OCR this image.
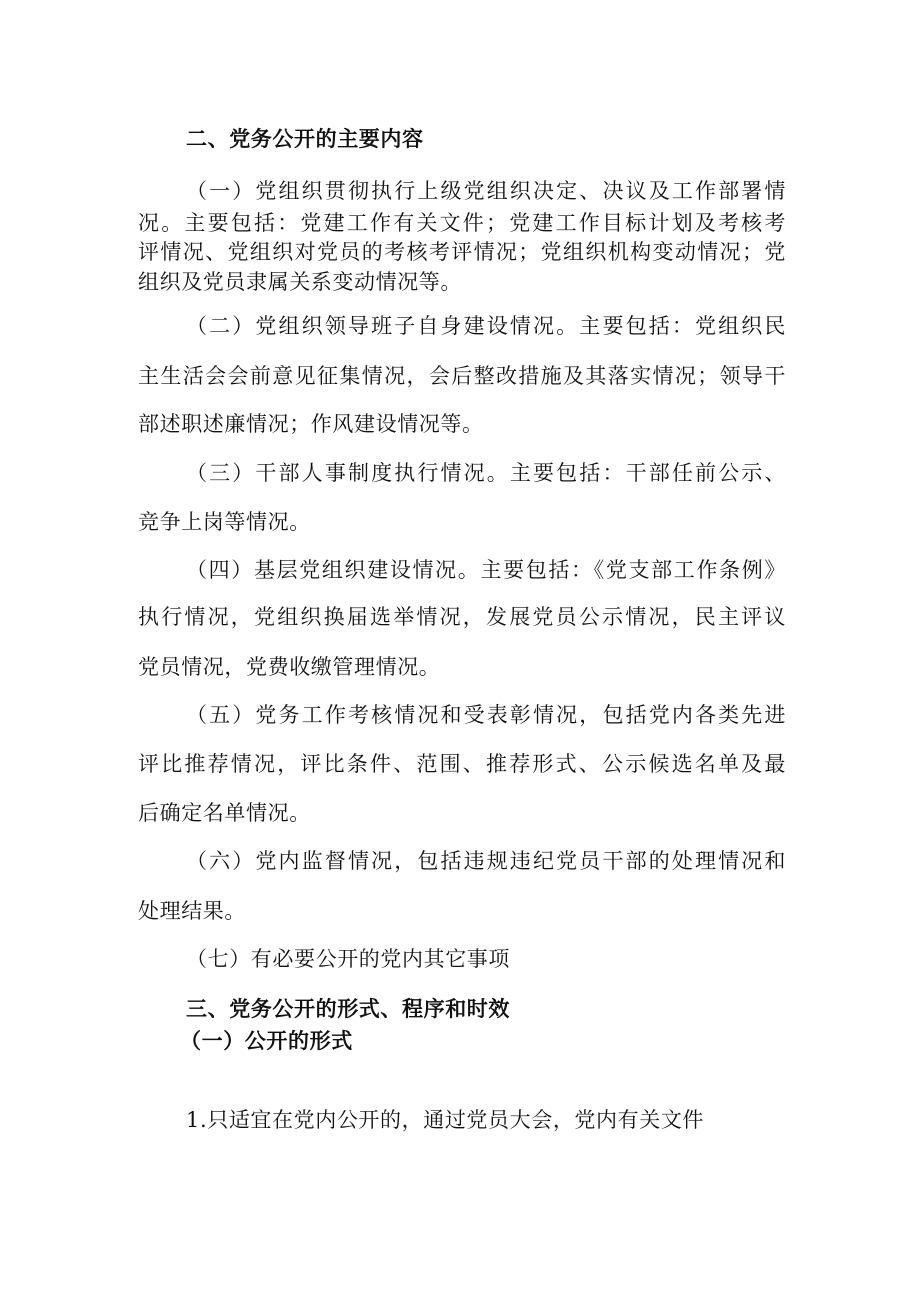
二、党务公开的主要内容
（一）党组织贯彻执行上级党组织决定、决议及工作部署情
况。主要包括：党建工作有关文件；党建工作目标计划及考核考
评情况、党组织对党员的考核考评情况；党组织机构变动情况；党
组织及党员隶属关系变动情况等。
（二）党组织领导班子自身建设情况。主要包括：党组织民
主生活会会前意见征集情况，会后整改措施及其落实情况；领导干
部述职述廉情况；作风建设情况等。
（三）干部人事制度执行情况。主要包括：干部任前公示、
竞争上岗等情况。
（四）基层党组织建设情况。主要包括：《党支部工作条例》
执行情况，党组织换届选举情况，发展党员公示情况，民主评议
党员情况，党费收缴管理情况。
（五）党务工作考核情况和受表彰情况，包括党内各类先进
评比推荐情况，评比条件、范围、推荐形式、公示候选名单及最
后确定名单情况。
（六）党内监督情况，包括违规违纪党员干部的处理情况和
处理结果。
（七）有必要公开的党内其它事项
三、党务公开的形式、程序和时效
（一）公开的形式
1.只适宜在党内公开的，通过党员大会，党内有关文件
